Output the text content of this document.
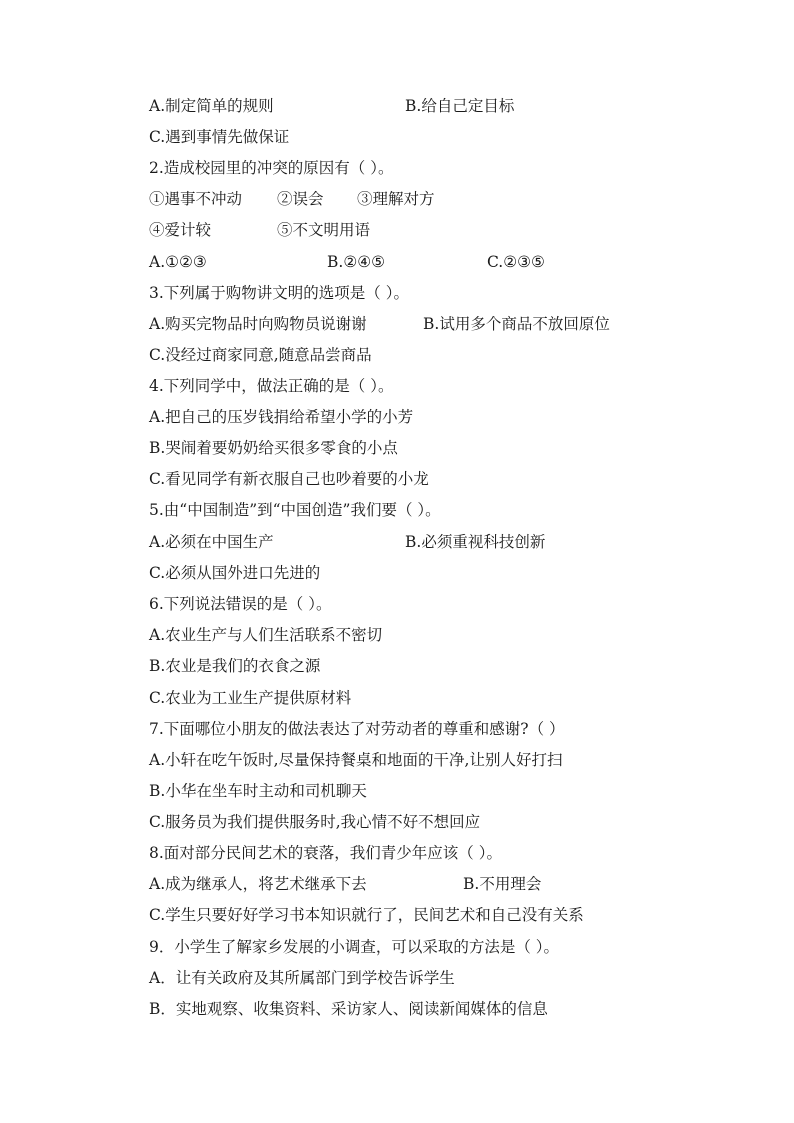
A.制定简单的规则	B.给自己定目标
C.遇到事情先做保证
2.造成校园里的冲突的原因有（ ）。
①遇事不冲动 ②误会 ③理解对方
④爱计较	⑤不文明用语
A.①②③	B.②④⑤	C.②③⑤
3.下列属于购物讲文明的选项是（ ）。
A.购买完物品时向购物员说谢谢	B.试用多个商品不放回原位
C.没经过商家同意,随意品尝商品
4.下列同学中，做法正确的是（ ）。
A.把自己的压岁钱捐给希望小学的小芳
B.哭闹着要奶奶给买很多零食的小点
C.看见同学有新衣服自己也吵着要的小龙
5.由“中国制造”到“中国创造”我们要（ ）。
A.必须在中国生产	B.必须重视科技创新
C.必须从国外进口先进的
6.下列说法错误的是（ ）。
A.农业生产与人们生活联系不密切
B.农业是我们的衣食之源
C.农业为工业生产提供原材料
7.下面哪位小朋友的做法表达了对劳动者的尊重和感谢?（ ）
A.小轩在吃午饭时,尽量保持餐桌和地面的干净,让别人好打扫
B.小华在坐车时主动和司机聊天
C.服务员为我们提供服务时,我心情不好不想回应
8.面对部分民间艺术的衰落，我们青少年应该（ ）。
A.成为继承人，将艺术继承下去	B.不用理会
C.学生只要好好学习书本知识就行了，民间艺术和自己没有关系
9．小学生了解家乡发展的小调查，可以采取的方法是（ ）。
A．让有关政府及其所属部门到学校告诉学生
B．实地观察、收集资料、采访家人、阅读新闻媒体的信息
